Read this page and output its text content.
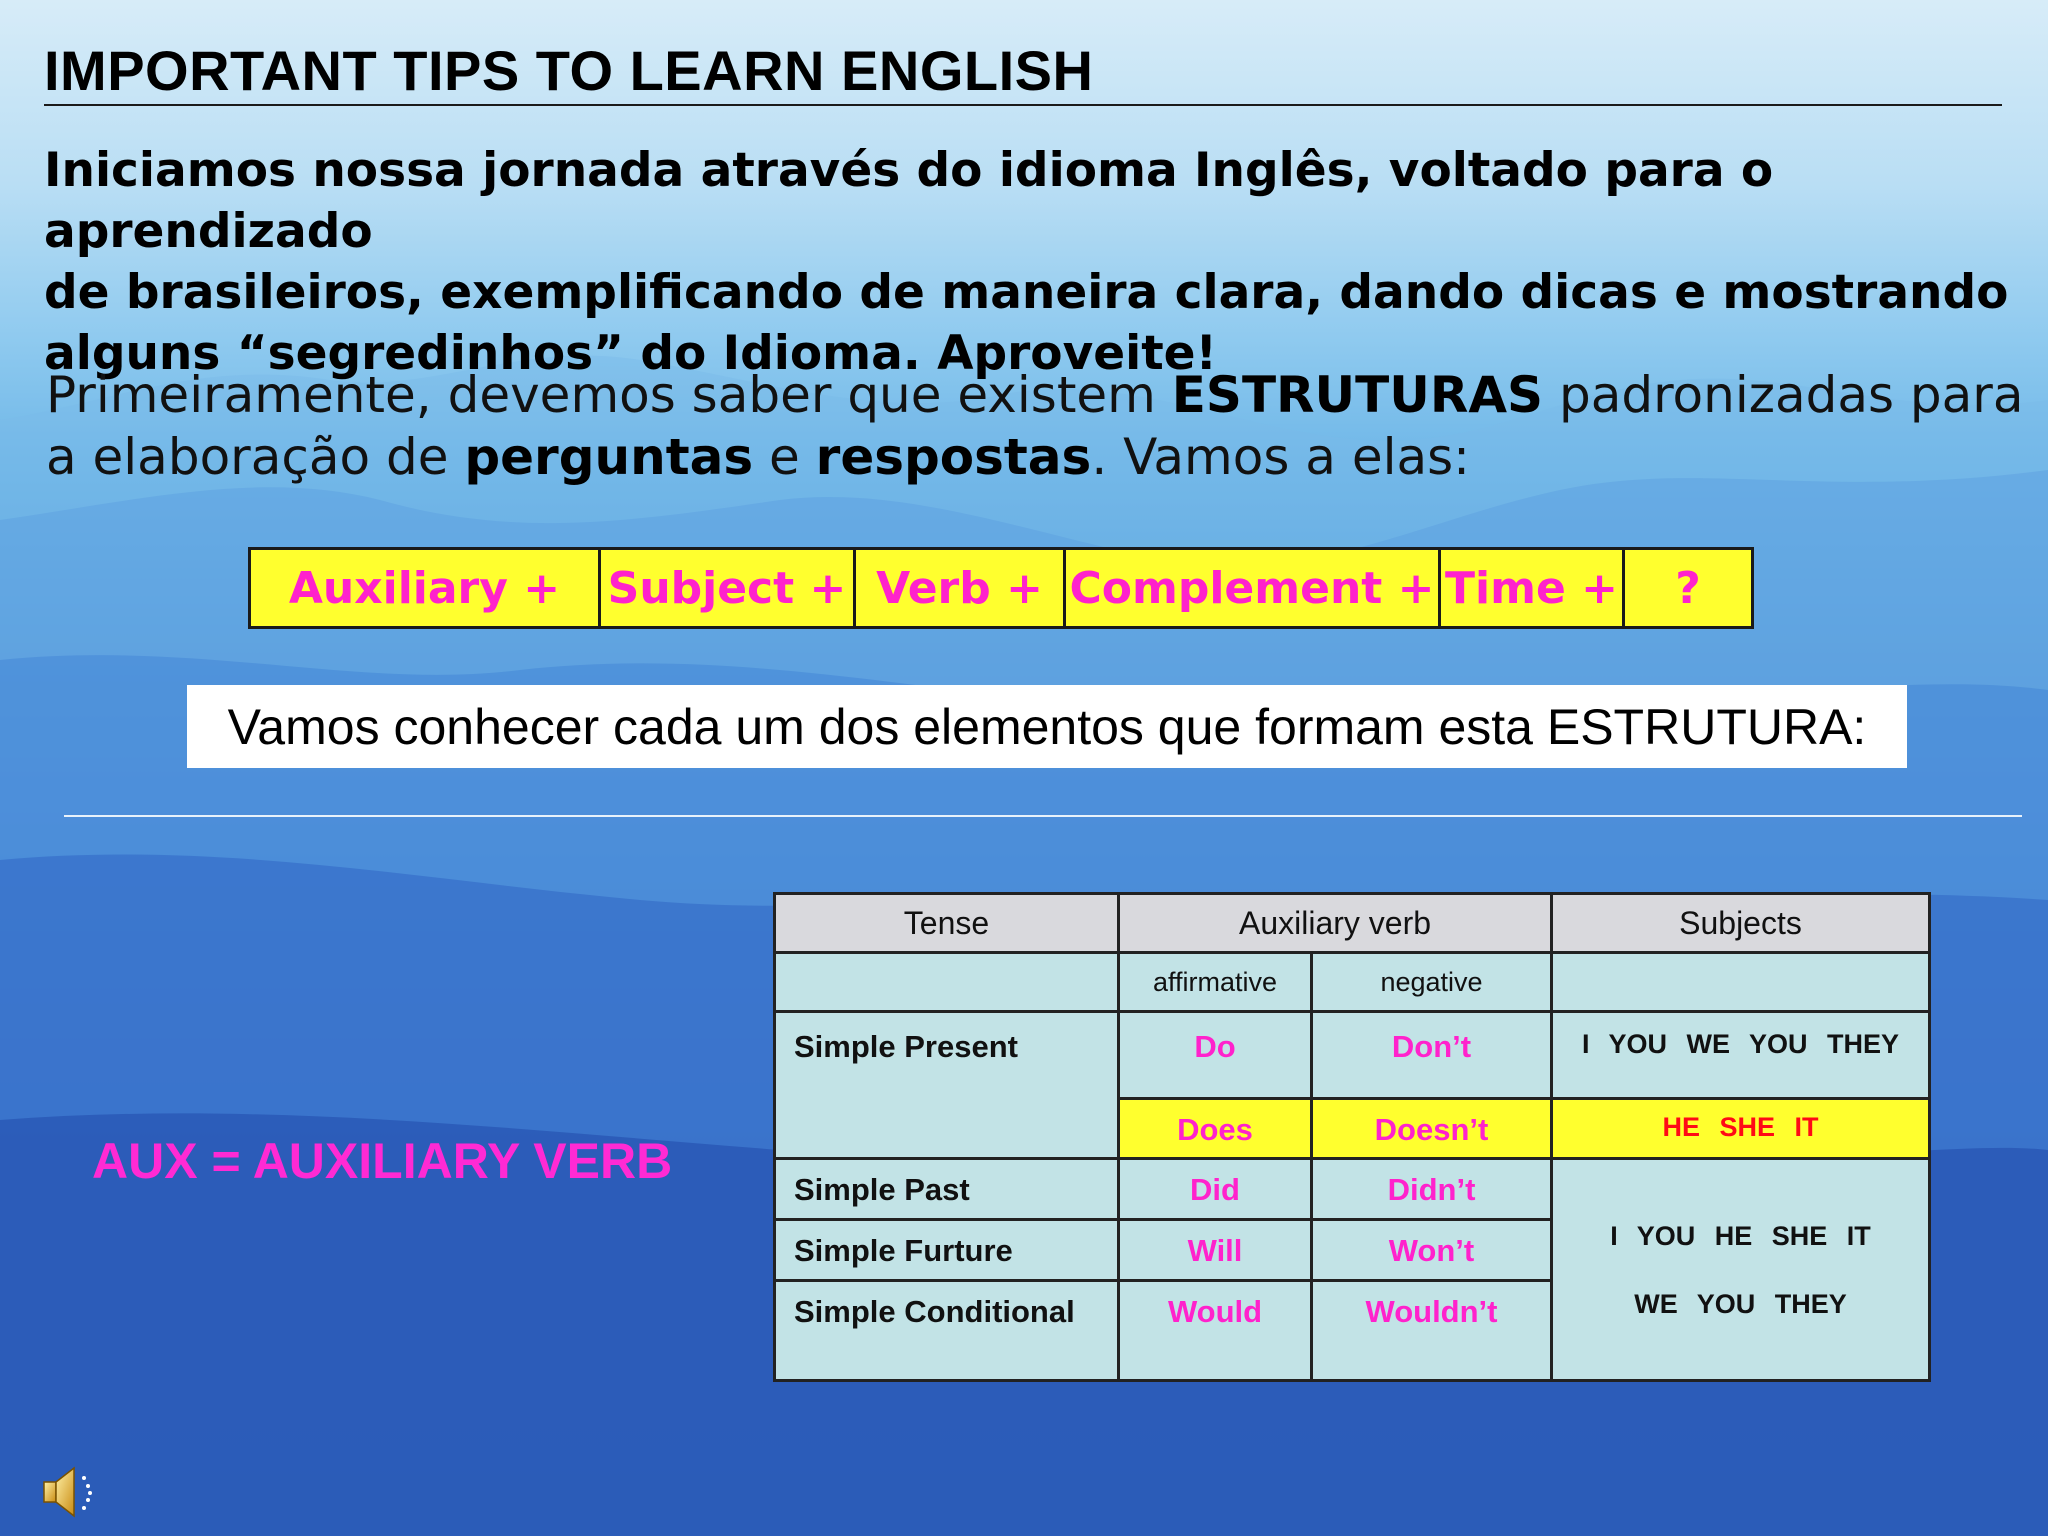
IMPORTANT TIPS TO LEARN ENGLISH

Iniciamos nossa jornada através do idioma Inglês, voltado para o aprendizado
de brasileiros, exemplificando de maneira clara, dando dicas e mostrando
alguns “segredinhos” do Idioma. Aproveite!

Primeiramente, devemos saber que existem ESTRUTURAS padronizadas para a elaboração de perguntas e respostas. Vamos a elas:

Auxiliary +	Subject + Verb + Complement + Time +	?
Vamos conhecer cada um dos elementos que formam esta ESTRUTURA:
AUX = AUXILIARY VERB
Tense	Auxiliary verb		Subjects
	affirmative	negative	
Simple Present	Do	Don’t	I YOU WE YOU THEY
	Does	Doesn’t	HE SHE IT
Simple Past	Did	Didn’t	I YOU HE SHE IT
WE YOU THEY

Simple Furture	Will	Won’t	
Simple Conditional	Would	Wouldn’t	
